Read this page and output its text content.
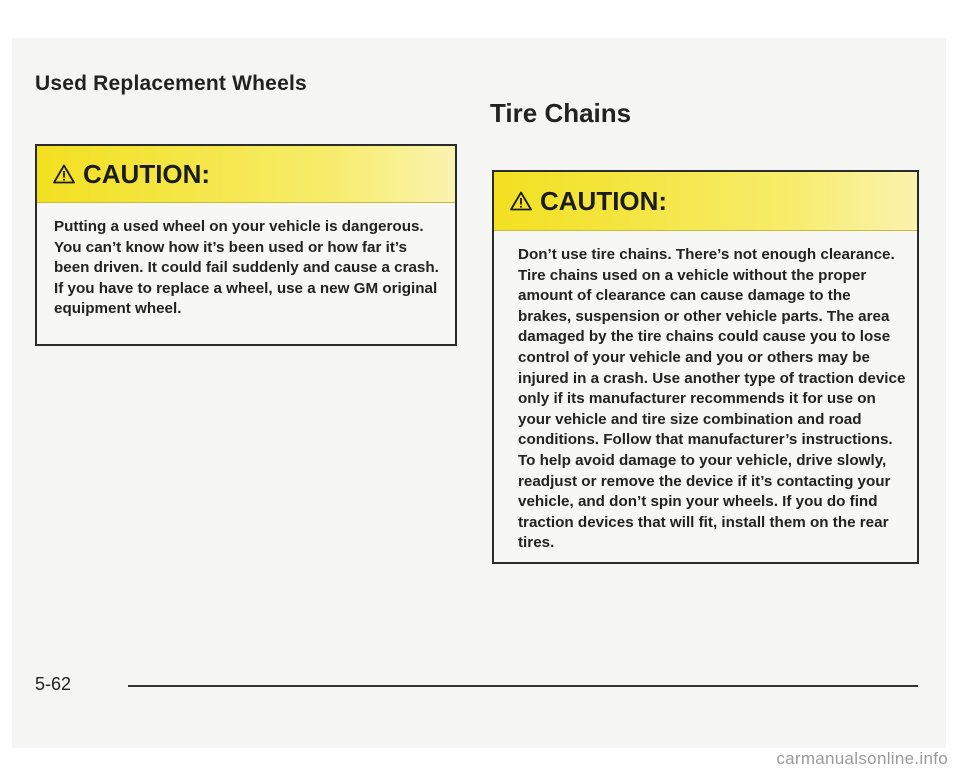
Used Replacement Wheels
CAUTION:

Putting a used wheel on your vehicle is dangerous. You can’t know how it’s been used or how far it’s been driven. It could fail suddenly and cause a crash. If you have to replace a wheel, use a new GM original equipment wheel.

Tire Chains
CAUTION:

Don’t use tire chains. There’s not enough clearance. Tire chains used on a vehicle without the proper amount of clearance can cause damage to the brakes, suspension or other vehicle parts. The area damaged by the tire chains could cause you to lose control of your vehicle and you or others may be injured in a crash. Use another type of traction device only if its manufacturer recommends it for use on your vehicle and tire size combination and road conditions. Follow that manufacturer’s instructions. To help avoid damage to your vehicle, drive slowly, readjust or remove the device if it’s contacting your vehicle, and don’t spin your wheels. If you do find traction devices that will fit, install them on the rear tires.

5-62

carmanualsonline.info
